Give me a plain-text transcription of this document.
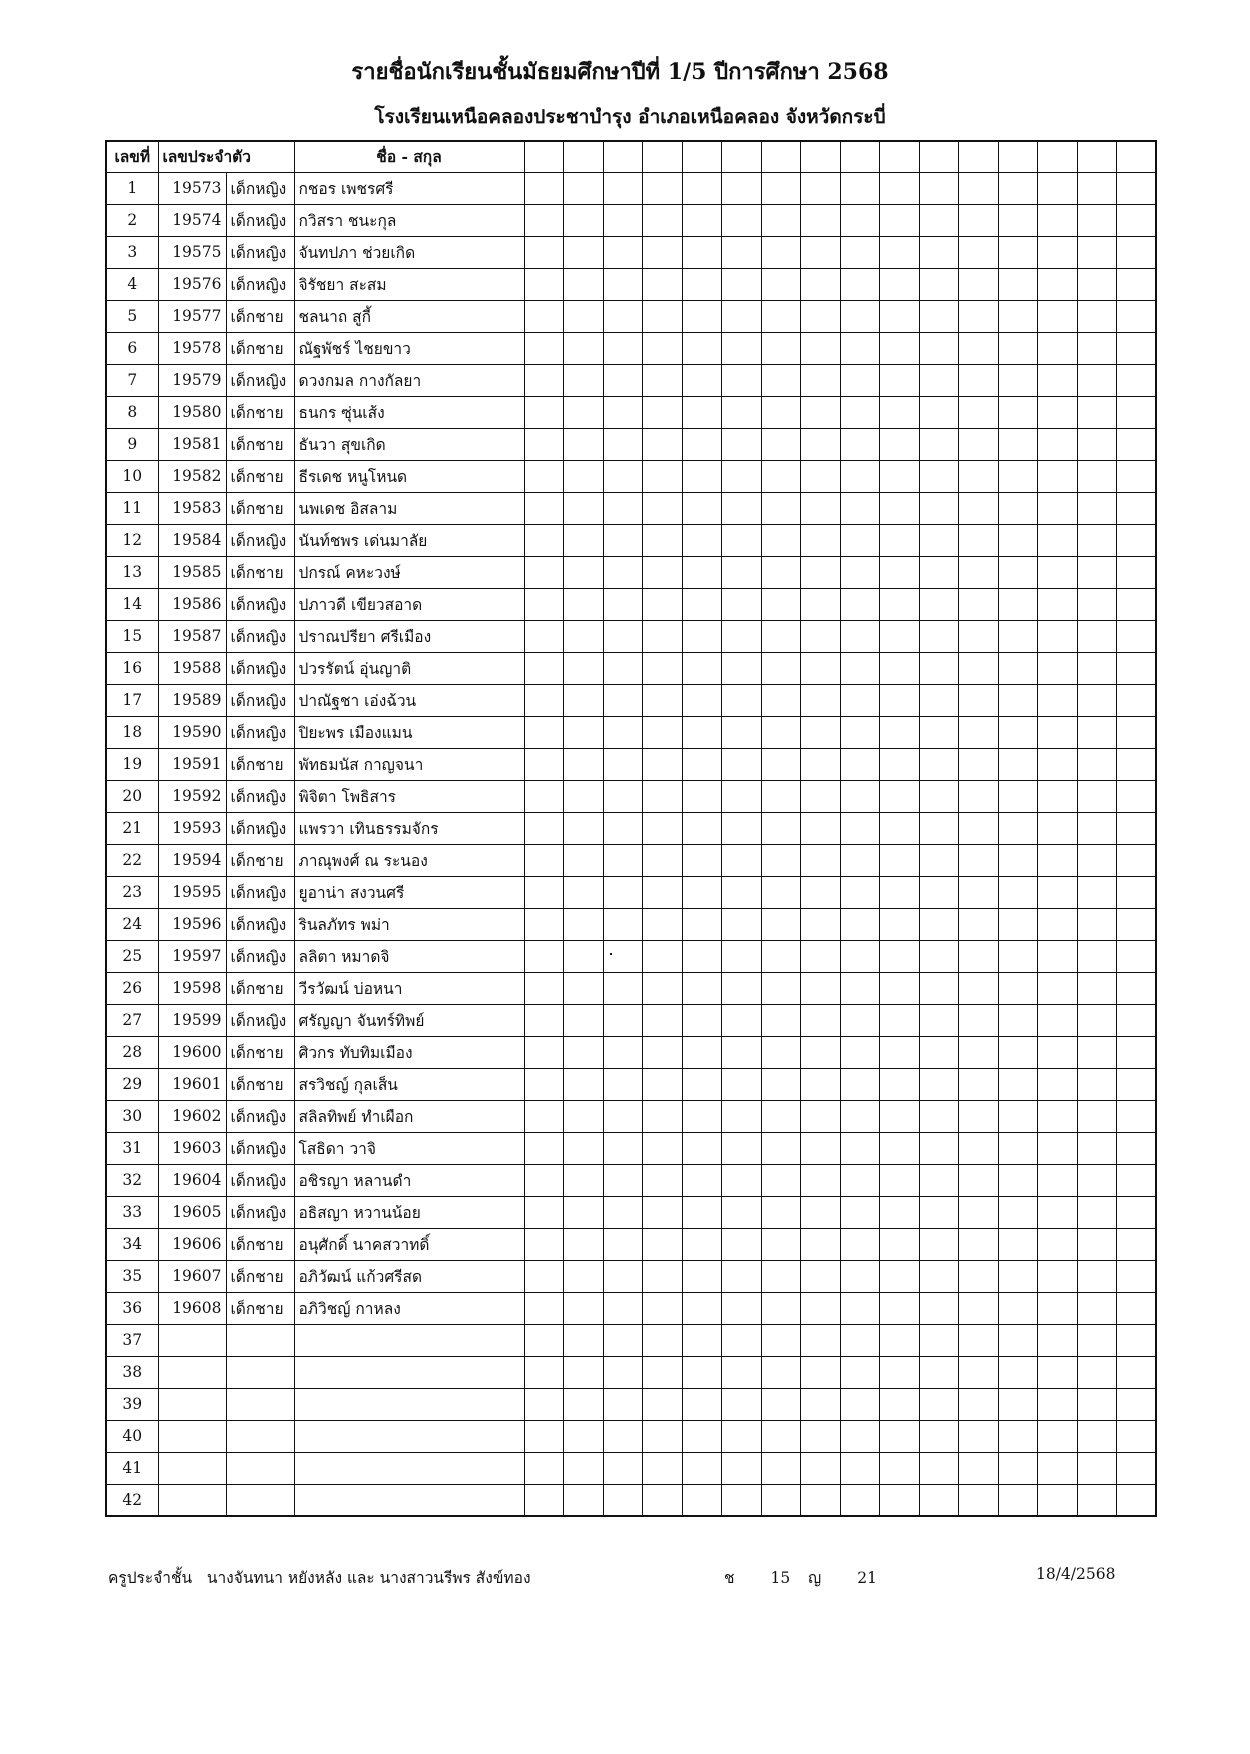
รายชื่อนักเรียนชั้นมัธยมศึกษาปีที่ 1/5 ปีการศึกษา 2568
โรงเรียนเหนือคลองประชาบำรุง อำเภอเหนือคลอง จังหวัดกระบี่
เลขที่	เลขประจำตัว		ชื่อ - สกุล																
1	19573	เด็กหญิง	กชอร เพชรศรี																
2	19574	เด็กหญิง	กวิสรา ชนะกุล																
3	19575	เด็กหญิง	จันทปภา ช่วยเกิด																
4	19576	เด็กหญิง	จิรัชยา สะสม																
5	19577	เด็กชาย	ชลนาถ สูกี้																
6	19578	เด็กชาย	ณัฐพัชร์ ไชยขาว																
7	19579	เด็กหญิง	ดวงกมล กางกัลยา																
8	19580	เด็กชาย	ธนกร ซุ่นเส้ง																
9	19581	เด็กชาย	ธันวา สุขเกิด																
10	19582	เด็กชาย	ธีรเดช หนูโหนด																
11	19583	เด็กชาย	นพเดช อิสลาม																
12	19584	เด็กหญิง	นันท์ชพร เด่นมาลัย																
13	19585	เด็กชาย	ปกรณ์ คหะวงษ์																
14	19586	เด็กหญิง	ปภาวดี เขียวสอาด																
15	19587	เด็กหญิง	ปราณปรียา ศรีเมือง																
16	19588	เด็กหญิง	ปวรรัตน์ อุ่นญาติ																
17	19589	เด็กหญิง	ปาณัฐชา เอ่งฉ้วน																
18	19590	เด็กหญิง	ปิยะพร เมืองแมน																
19	19591	เด็กชาย	พัทธมนัส กาญจนา																
20	19592	เด็กหญิง	พิจิตา โพธิสาร																
21	19593	เด็กหญิง	แพรวา เทินธรรมจักร																
22	19594	เด็กชาย	ภาณุพงศ์ ณ ระนอง																
23	19595	เด็กหญิง	ยูอาน่า สงวนศรี																
24	19596	เด็กหญิง	รินลภัทร พม่า																
25	19597	เด็กหญิง	ลลิตา หมาดจิ																
26	19598	เด็กชาย	วีรวัฒน์ บ่อหนา																
27	19599	เด็กหญิง	ศรัญญา จันทร์ทิพย์																
28	19600	เด็กชาย	ศิวกร ทับทิมเมือง																
29	19601	เด็กชาย	สรวิชญ์ กุลเส็น																
30	19602	เด็กหญิง	สลิลทิพย์ ทำเผือก																
31	19603	เด็กหญิง	โสธิดา วาจิ																
32	19604	เด็กหญิง	อชิรญา หลานดำ																
33	19605	เด็กหญิง	อธิสญา หวานน้อย																
34	19606	เด็กชาย	อนุศักดิ์ นาคสวาทดิ์																
35	19607	เด็กชาย	อภิวัฒน์ แก้วศรีสด																
36	19608	เด็กชาย	อภิวิชญ์ กาหลง																
37																			
38																			
39																			
40																			
41																			
42																			
ครูประจำชั้น นางจันทนา หยังหลัง และ นางสาวนรีพร สังข์ทอง	ช 15 ญ 21	18/4/2568
